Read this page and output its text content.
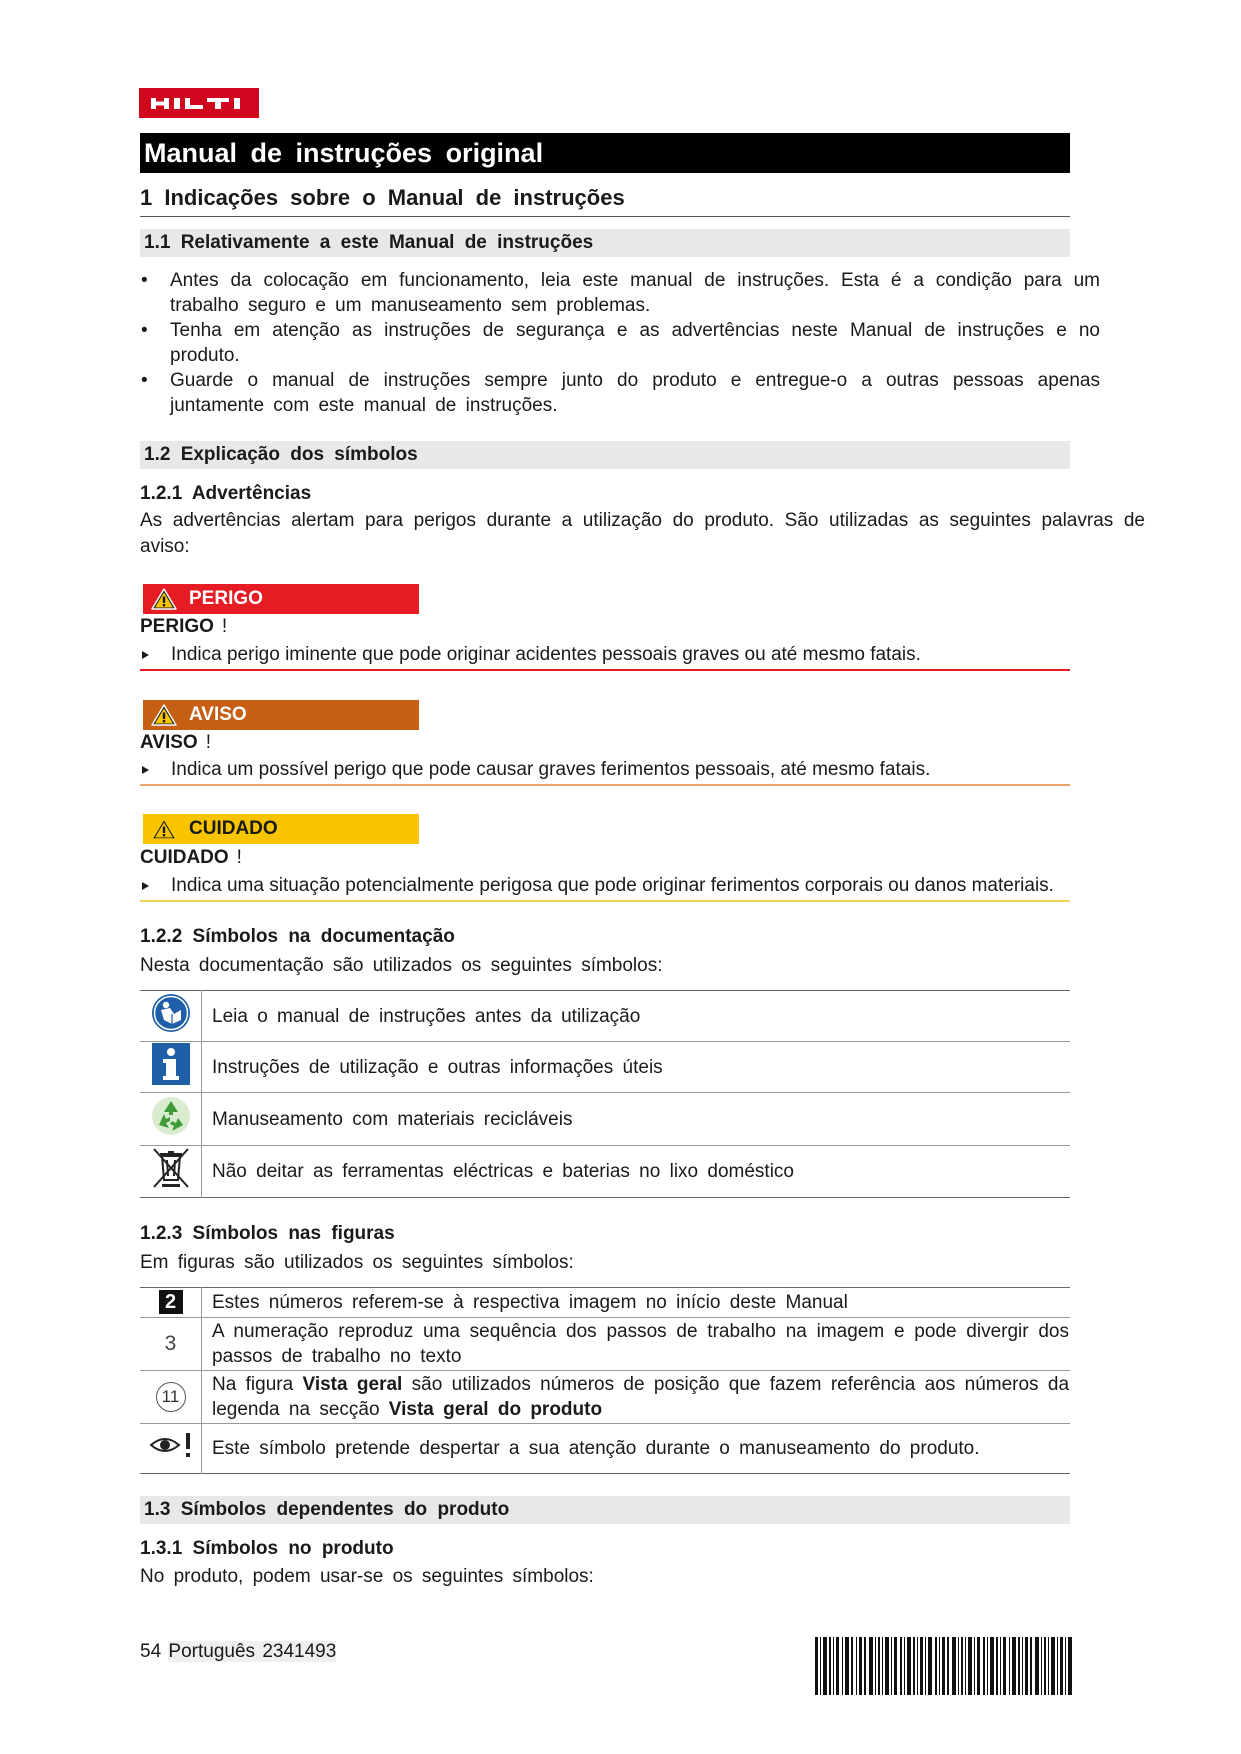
Manual de instruções original
1 Indicações sobre o Manual de instruções
1.1 Relativamente a este Manual de instruções
• Antes da colocação em funcionamento, leia este manual de instruções. Esta é a condição para um trabalho seguro e um manuseamento sem problemas.
• Tenha em atenção as instruções de segurança e as advertências neste Manual de instruções e no produto.
• Guarde o manual de instruções sempre junto do produto e entregue-o a outras pessoas apenas juntamente com este manual de instruções.
1.2 Explicação dos símbolos
1.2.1 Advertências
As advertências alertam para perigos durante a utilização do produto. São utilizadas as seguintes palavras de aviso:
PERIGO
PERIGO !
Indica perigo iminente que pode originar acidentes pessoais graves ou até mesmo fatais.
AVISO
AVISO !
Indica um possível perigo que pode causar graves ferimentos pessoais, até mesmo fatais.
CUIDADO
CUIDADO !
Indica uma situação potencialmente perigosa que pode originar ferimentos corporais ou danos materiais.
1.2.2 Símbolos na documentação
Nesta documentação são utilizados os seguintes símbolos:
	Leia o manual de instruções antes da utilização
	Instruções de utilização e outras informações úteis
	Manuseamento com materiais recicláveis
	Não deitar as ferramentas eléctricas e baterias no lixo doméstico
1.2.3 Símbolos nas figuras
Em figuras são utilizados os seguintes símbolos:
2	Estes números referem-se à respectiva imagem no início deste Manual
3	A numeração reproduz uma sequência dos passos de trabalho na imagem e pode divergir dos passos de trabalho no texto
11	Na figura Vista geral são utilizados números de posição que fazem referência aos números da legenda na secção Vista geral do produto
	Este símbolo pretende despertar a sua atenção durante o manuseamento do produto.
1.3 Símbolos dependentes do produto
1.3.1 Símbolos no produto
No produto, podem usar-se os seguintes símbolos:
54 Português 2341493
